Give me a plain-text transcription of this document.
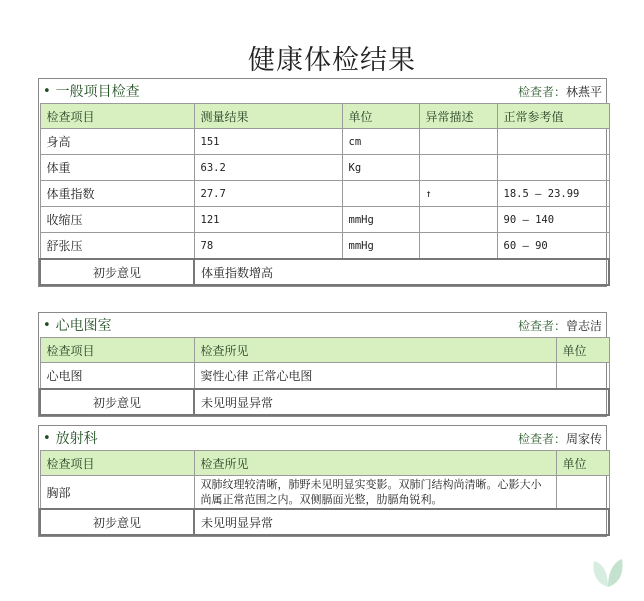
健康体检结果
• 一般项目检查	检查者：林燕平
检查项目	测量结果	单位	异常描述	正常参考值
身高	151	cm		
体重	63.2	Kg		
体重指数	27.7		↑	18.5 — 23.99
收缩压	121	mmHg		90 — 140
舒张压	78	mmHg		60 — 90
初步意见	体重指数增高			
• 心电图室	检查者：曾志洁
检查项目	检查所见	单位
心电图	窦性心律 正常心电图	
初步意见	未见明显异常	
• 放射科	检查者：周家传
检查项目	检查所见	单位
胸部	双肺纹理较清晰，肺野未见明显实变影。双肺门结构尚清晰。心影大小尚属正常范围之内。双侧膈面光整，肋膈角锐利。	
初步意见	未见明显异常	
